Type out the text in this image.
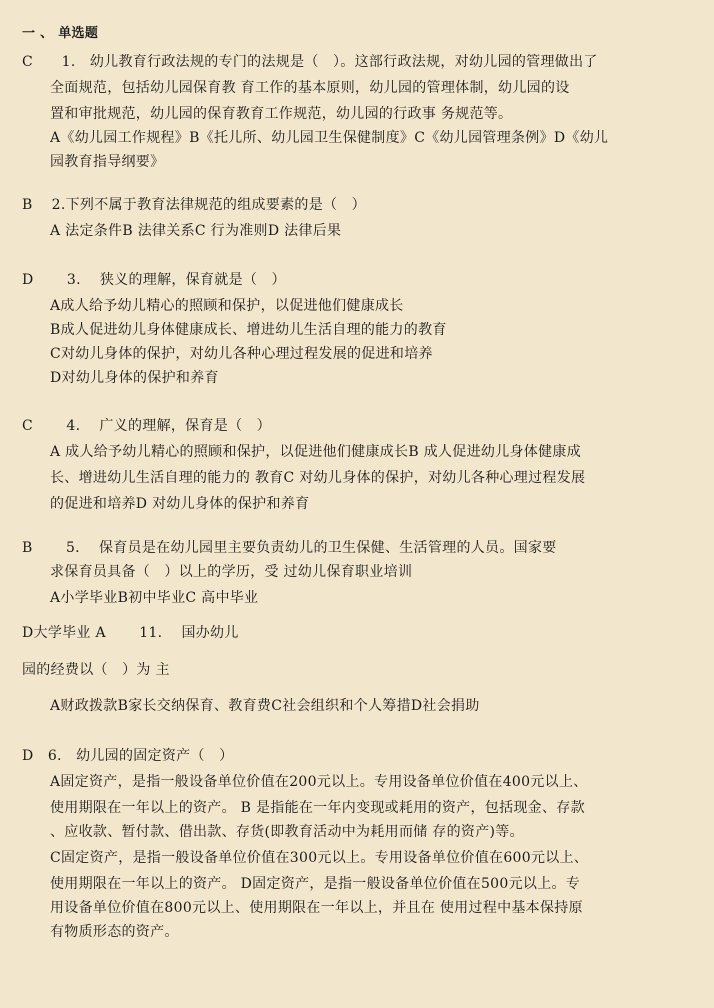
一 、 单选题
C　　1.　幼儿教育行政法规的专门的法规是（　）。这部行政法规，对幼儿园的管理做出了
全面规范，包括幼儿园保育教 育工作的基本原则，幼儿园的管理体制，幼儿园的设
置和审批规范，幼儿园的保育教育工作规范，幼儿园的行政事 务规范等。
A《幼儿园工作规程》B《托儿所、幼儿园卫生保健制度》C《幼儿园管理条例》D《幼儿
园教育指导纲要》
B　 2.下列不属于教育法律规范的组成要素的是（　）
A 法定条件B 法律关系C 行为准则D 法律后果
D　　 3.　 狭义的理解，保育就是（　）
A成人给予幼儿精心的照顾和保护，以促进他们健康成长
B成人促进幼儿身体健康成长、增进幼儿生活自理的能力的教育
C对幼儿身体的保护，对幼儿各种心理过程发展的促进和培养
D对幼儿身体的保护和养育
C　　 4.　 广义的理解，保育是（　）
A 成人给予幼儿精心的照顾和保护，以促进他们健康成长B 成人促进幼儿身体健康成
长、增进幼儿生活自理的能力的 教育C 对幼儿身体的保护，对幼儿各种心理过程发展
的促进和培养D 对幼儿身体的保护和养育
B　　 5.　 保育员是在幼儿园里主要负责幼儿的卫生保健、生活管理的人员。国家要
求保育员具备（　）以上的学历，受 过幼儿保育职业培训
A小学毕业B初中毕业C 高中毕业
D大学毕业 A　　 11.　 国办幼儿
园的经费以（　）为 主
A财政拨款B家长交纳保育、教育费C社会组织和个人筹措D社会捐助
D　6.　幼儿园的固定资产（　）
A固定资产，是指一般设备单位价值在200元以上。专用设备单位价值在400元以上、
使用期限在一年以上的资产。 B 是指能在一年内变现或耗用的资产，包括现金、存款
、应收款、暂付款、借出款、存货(即教育活动中为耗用而储 存的资产)等。
C固定资产，是指一般设备单位价值在300元以上。专用设备单位价值在600元以上、
使用期限在一年以上的资产。 D固定资产，是指一般设备单位价值在500元以上。专
用设备单位价值在800元以上、使用期限在一年以上，并且在 使用过程中基本保持原
有物质形态的资产。
